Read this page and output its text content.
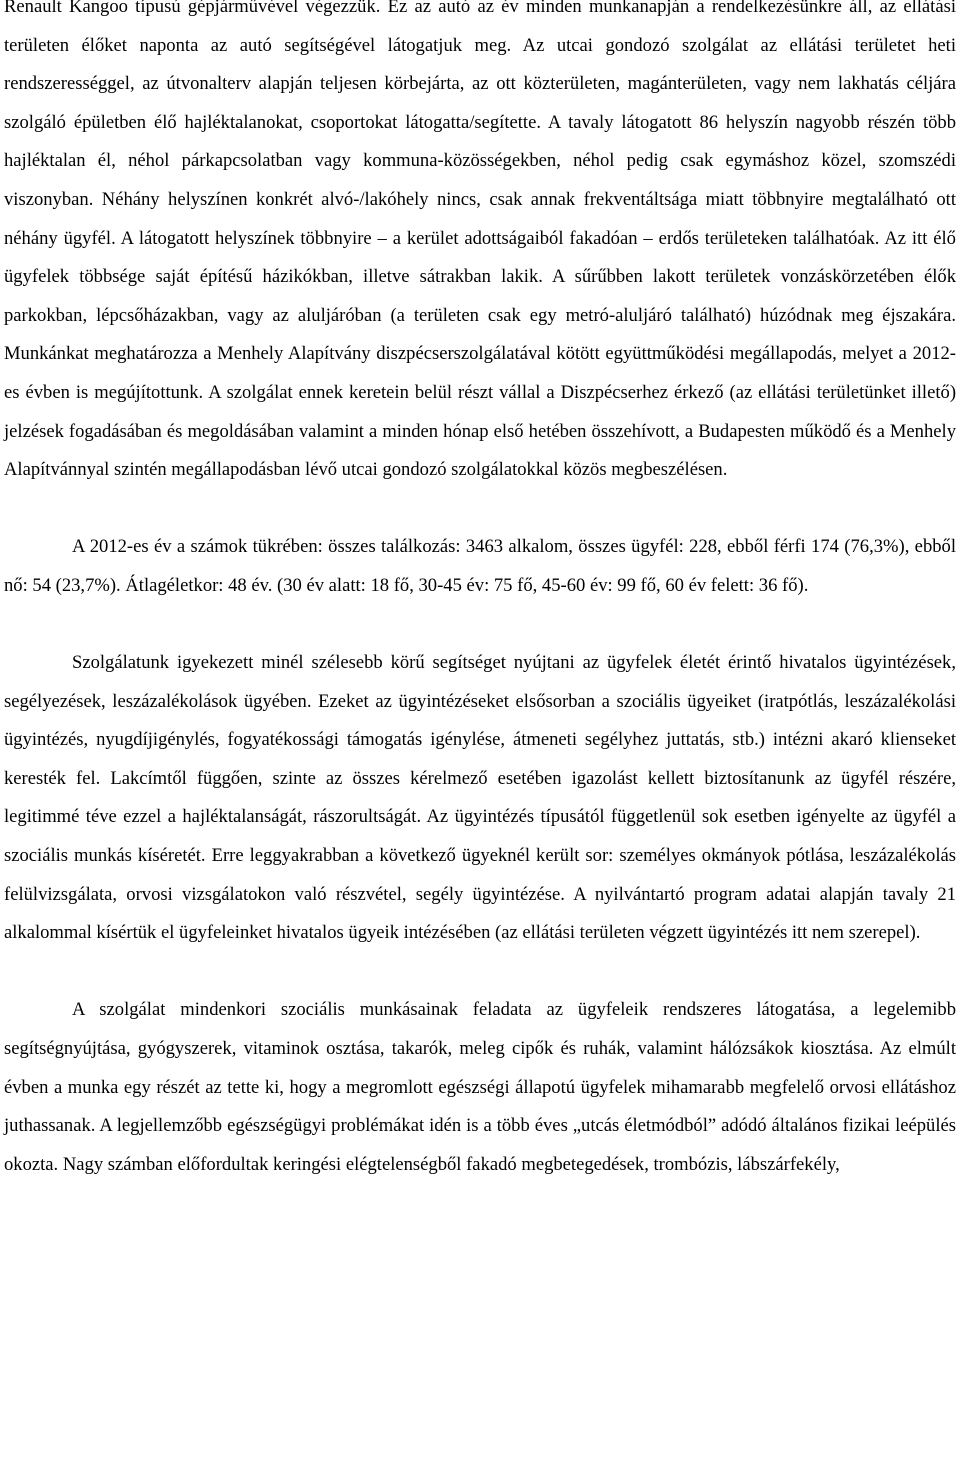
Renault Kangoo típusú gépjárművével végezzük. Ez az autó az év minden munkanapján a rendelkezésünkre áll, az ellátási területen élőket naponta az autó segítségével látogatjuk meg. Az utcai gondozó szolgálat az ellátási területet heti rendszerességgel, az útvonalterv alapján teljesen körbejárta, az ott közterületen, magánterületen, vagy nem lakhatás céljára szolgáló épületben élő hajléktalanokat, csoportokat látogatta/segítette. A tavaly látogatott 86 helyszín nagyobb részén több hajléktalan él, néhol párkapcsolatban vagy kommuna-közösségekben, néhol pedig csak egymáshoz közel, szomszédi viszonyban. Néhány helyszínen konkrét alvó-/lakóhely nincs, csak annak frekventáltsága miatt többnyire megtalálható ott néhány ügyfél. A látogatott helyszínek többnyire – a kerület adottságaiból fakadóan – erdős területeken találhatóak. Az itt élő ügyfelek többsége saját építésű házikókban, illetve sátrakban lakik. A sűrűbben lakott területek vonzáskörzetében élők parkokban, lépcsőházakban, vagy az aluljáróban (a területen csak egy metró-aluljáró található) húzódnak meg éjszakára. Munkánkat meghatározza a Menhely Alapítvány diszpécserszolgálatával kötött együttműködési megállapodás, melyet a 2012-es évben is megújítottunk. A szolgálat ennek keretein belül részt vállal a Diszpécserhez érkező (az ellátási területünket illető) jelzések fogadásában és megoldásában valamint a minden hónap első hetében összehívott, a Budapesten működő és a Menhely Alapítvánnyal szintén megállapodásban lévő utcai gondozó szolgálatokkal közös megbeszélésen.

A 2012-es év a számok tükrében: összes találkozás: 3463 alkalom, összes ügyfél: 228, ebből férfi 174 (76,3%), ebből nő: 54 (23,7%). Átlagéletkor: 48 év. (30 év alatt: 18 fő, 30-45 év: 75 fő, 45-60 év: 99 fő, 60 év felett: 36 fő).

Szolgálatunk igyekezett minél szélesebb körű segítséget nyújtani az ügyfelek életét érintő hivatalos ügyintézések, segélyezések, leszázalékolások ügyében. Ezeket az ügyintézéseket elsősorban a szociális ügyeiket (iratpótlás, leszázalékolási ügyintézés, nyugdíjigénylés, fogyatékossági támogatás igénylése, átmeneti segélyhez juttatás, stb.) intézni akaró klienseket keresték fel. Lakcímtől függően, szinte az összes kérelmező esetében igazolást kellett biztosítanunk az ügyfél részére, legitimmé téve ezzel a hajléktalanságát, rászorultságát. Az ügyintézés típusától függetlenül sok esetben igényelte az ügyfél a szociális munkás kíséretét. Erre leggyakrabban a következő ügyeknél került sor: személyes okmányok pótlása, leszázalékolás felülvizsgálata, orvosi vizsgálatokon való részvétel, segély ügyintézése. A nyilvántartó program adatai alapján tavaly 21 alkalommal kísértük el ügyfeleinket hivatalos ügyeik intézésében (az ellátási területen végzett ügyintézés itt nem szerepel).

A szolgálat mindenkori szociális munkásainak feladata az ügyfeleik rendszeres látogatása, a legelemibb segítségnyújtása, gyógyszerek, vitaminok osztása, takarók, meleg cipők és ruhák, valamint hálózsákok kiosztása. Az elmúlt évben a munka egy részét az tette ki, hogy a megromlott egészségi állapotú ügyfelek mihamarabb megfelelő orvosi ellátáshoz juthassanak. A legjellemzőbb egészségügyi problémákat idén is a több éves „utcás életmódból” adódó általános fizikai leépülés okozta. Nagy számban előfordultak keringési elégtelenségből fakadó megbetegedések, trombózis, lábszárfekély,
